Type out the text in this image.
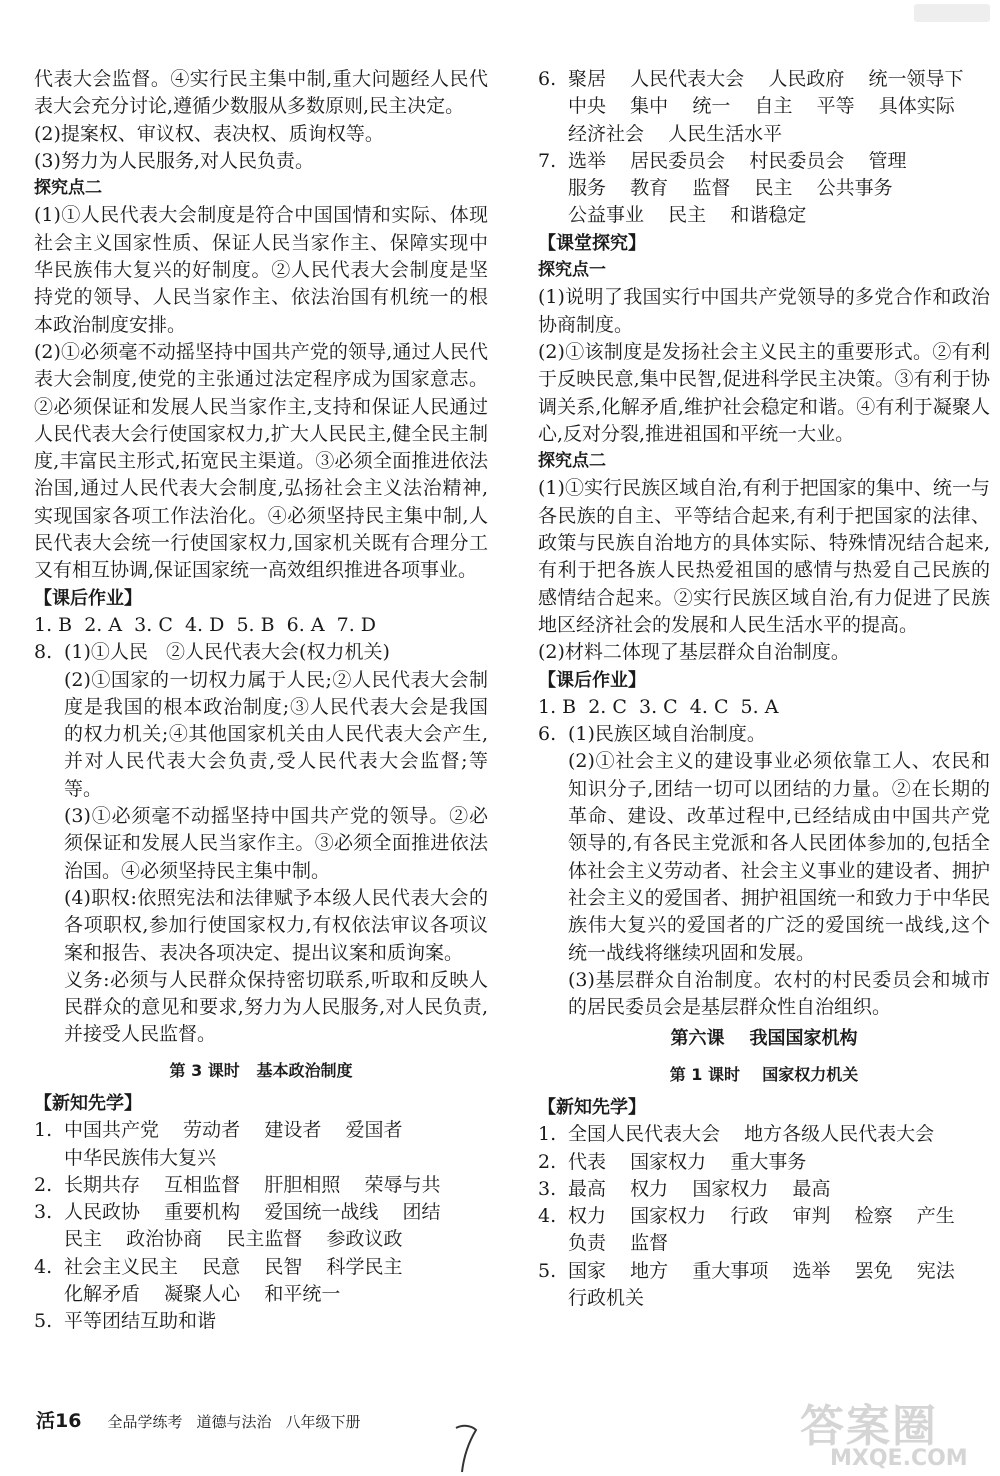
代表大会监督。④实行民主集中制,重大问题经人民代表大会充分讨论,遵循少数服从多数原则,民主决定。

(2)提案权、审议权、表决权、质询权等。

(3)努力为人民服务,对人民负责。

探究点二

(1)①人民代表大会制度是符合中国国情和实际、体现社会主义国家性质、保证人民当家作主、保障实现中华民族伟大复兴的好制度。②人民代表大会制度是坚持党的领导、人民当家作主、依法治国有机统一的根本政治制度安排。

(2)①必须毫不动摇坚持中国共产党的领导,通过人民代表大会制度,使党的主张通过法定程序成为国家意志。②必须保证和发展人民当家作主,支持和保证人民通过人民代表大会行使国家权力,扩大人民民主,健全民主制度,丰富民主形式,拓宽民主渠道。③必须全面推进依法治国,通过人民代表大会制度,弘扬社会主义法治精神,实现国家各项工作法治化。④必须坚持民主集中制,人民代表大会统一行使国家权力,国家机关既有合理分工又有相互协调,保证国家统一高效组织推进各项事业。

【课后作业】

1. B  2. A  3. C  4. D  5. B  6. A  7. D

8. (1)①人民   ②人民代表大会(权力机关)

(2)①国家的一切权力属于人民;②人民代表大会制度是我国的根本政治制度;③人民代表大会是我国的权力机关;④其他国家机关由人民代表大会产生,并对人民代表大会负责,受人民代表大会监督;等等。

(3)①必须毫不动摇坚持中国共产党的领导。②必须保证和发展人民当家作主。③必须全面推进依法治国。④必须坚持民主集中制。

(4)职权:依照宪法和法律赋予本级人民代表大会的各项职权,参加行使国家权力,有权依法审议各项议案和报告、表决各项决定、提出议案和质询案。

义务:必须与人民群众保持密切联系,听取和反映人民群众的意见和要求,努力为人民服务,对人民负责,并接受人民监督。

第 3 课时   基本政治制度

【新知先学】

1. 中国共产党    劳动者    建设者    爱国者
中华民族伟大复兴
2. 长期共存    互相监督    肝胆相照    荣辱与共
3. 人民政协    重要机构    爱国统一战线    团结
民主    政治协商    民主监督    参政议政
4. 社会主义民主    民意    民智    科学民主
化解矛盾    凝聚人心    和平统一
5. 平等团结互助和谐
6. 聚居    人民代表大会    人民政府    统一领导下
中央    集中    统一    自主    平等    具体实际
经济社会    人民生活水平
7. 选举    居民委员会    村民委员会    管理
服务    教育    监督    民主    公共事务
公益事业    民主    和谐稳定

【课堂探究】

探究点一

(1)说明了我国实行中国共产党领导的多党合作和政治协商制度。

(2)①该制度是发扬社会主义民主的重要形式。②有利于反映民意,集中民智,促进科学民主决策。③有利于协调关系,化解矛盾,维护社会稳定和谐。④有利于凝聚人心,反对分裂,推进祖国和平统一大业。

探究点二

(1)①实行民族区域自治,有利于把国家的集中、统一与各民族的自主、平等结合起来,有利于把国家的法律、政策与民族自治地方的具体实际、特殊情况结合起来,有利于把各族人民热爱祖国的感情与热爱自己民族的感情结合起来。②实行民族区域自治,有力促进了民族地区经济社会的发展和人民生活水平的提高。

(2)材料二体现了基层群众自治制度。

【课后作业】

1. B  2. C  3. C  4. C  5. A

6. (1)民族区域自治制度。

(2)①社会主义的建设事业必须依靠工人、农民和知识分子,团结一切可以团结的力量。②在长期的革命、建设、改革过程中,已经结成由中国共产党领导的,有各民主党派和各人民团体参加的,包括全体社会主义劳动者、社会主义事业的建设者、拥护社会主义的爱国者、拥护祖国统一和致力于中华民族伟大复兴的爱国者的广泛的爱国统一战线,这个统一战线将继续巩固和发展。

(3)基层群众自治制度。农村的村民委员会和城市的居民委员会是基层群众性自治组织。

第六课    我国国家机构

第 1 课时    国家权力机关

【新知先学】

1. 全国人民代表大会    地方各级人民代表大会
2. 代表    国家权力    重大事务
3. 最高    权力    国家权力    最高
4. 权力    国家权力    行政    审判    检察    产生
负责    监督
5. 国家    地方    重大事项    选举    罢免    宪法
行政机关
活16 全品学练考 道德与法治 八年级下册	答案圈
MXQE.COM
